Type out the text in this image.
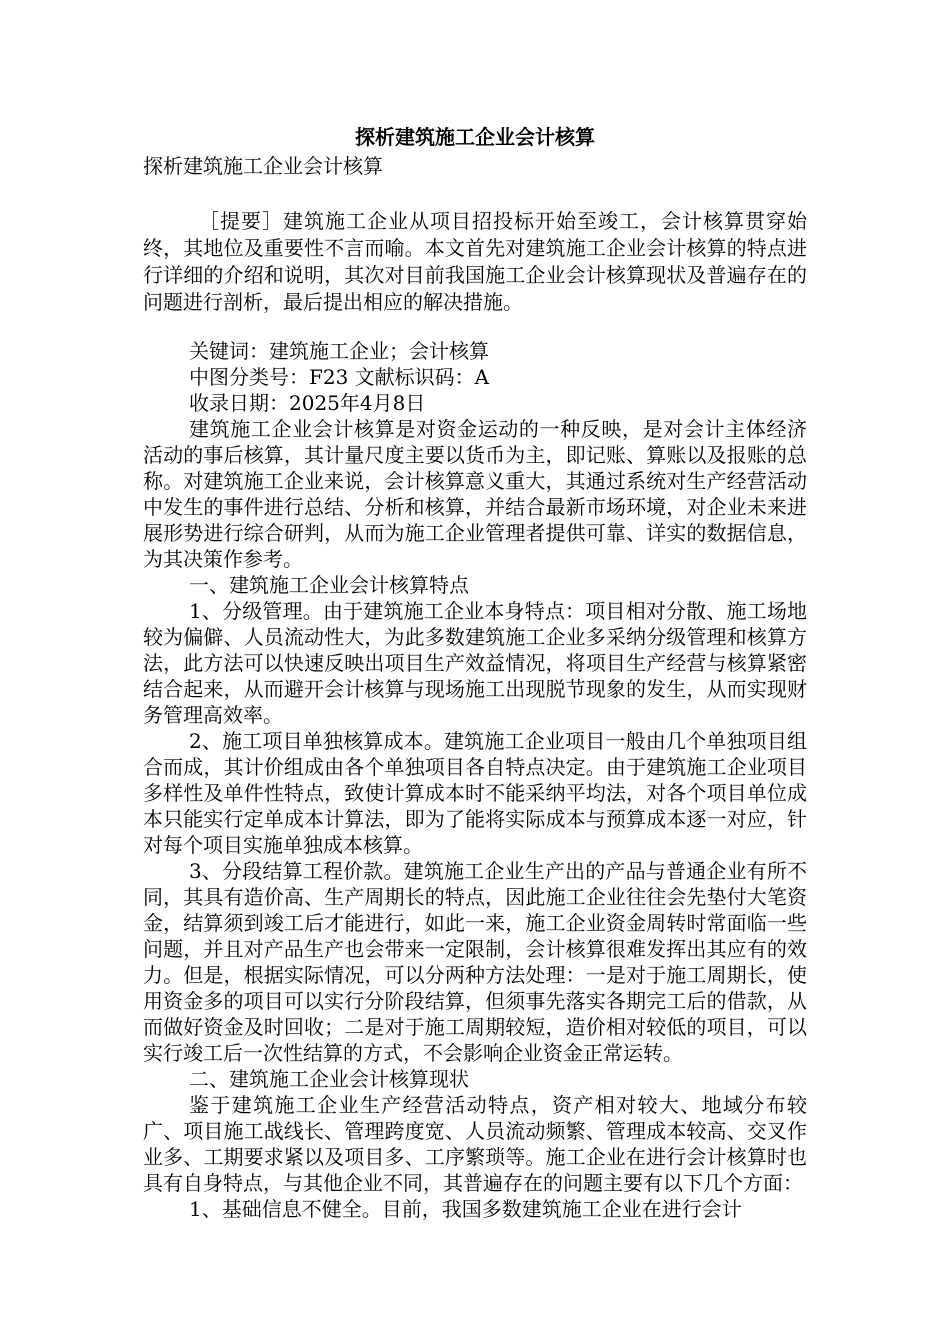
探析建筑施工企业会计核算
探析建筑施工企业会计核算

［提要］建筑施工企业从项目招投标开始至竣工，会计核算贯穿始终，其地位及重要性不言而喻。本文首先对建筑施工企业会计核算的特点进行详细的介绍和说明，其次对目前我国施工企业会计核算现状及普遍存在的问题进行剖析，最后提出相应的解决措施。

关键词：建筑施工企业；会计核算
中图分类号：F23 文献标识码：A
收录日期：2025年4月8日

建筑施工企业会计核算是对资金运动的一种反映，是对会计主体经济活动的事后核算，其计量尺度主要以货币为主，即记账、算账以及报账的总称。对建筑施工企业来说，会计核算意义重大，其通过系统对生产经营活动中发生的事件进行总结、分析和核算，并结合最新市场环境，对企业未来进展形势进行综合研判，从而为施工企业管理者提供可靠、详实的数据信息，为其决策作参考。

一、建筑施工企业会计核算特点

1、分级管理。由于建筑施工企业本身特点：项目相对分散、施工场地较为偏僻、人员流动性大，为此多数建筑施工企业多采纳分级管理和核算方法，此方法可以快速反映出项目生产效益情况，将项目生产经营与核算紧密结合起来，从而避开会计核算与现场施工出现脱节现象的发生，从而实现财务管理高效率。

2、施工项目单独核算成本。建筑施工企业项目一般由几个单独项目组合而成，其计价组成由各个单独项目各自特点决定。由于建筑施工企业项目多样性及单件性特点，致使计算成本时不能采纳平均法，对各个项目单位成本只能实行定单成本计算法，即为了能将实际成本与预算成本逐一对应，针对每个项目实施单独成本核算。

3、分段结算工程价款。建筑施工企业生产出的产品与普通企业有所不同，其具有造价高、生产周期长的特点，因此施工企业往往会先垫付大笔资金，结算须到竣工后才能进行，如此一来，施工企业资金周转时常面临一些问题，并且对产品生产也会带来一定限制，会计核算很难发挥出其应有的效力。但是，根据实际情况，可以分两种方法处理：一是对于施工周期长，使用资金多的项目可以实行分阶段结算，但须事先落实各期完工后的借款，从而做好资金及时回收；二是对于施工周期较短，造价相对较低的项目，可以实行竣工后一次性结算的方式，不会影响企业资金正常运转。

二、建筑施工企业会计核算现状

鉴于建筑施工企业生产经营活动特点，资产相对较大、地域分布较广、项目施工战线长、管理跨度宽、人员流动频繁、管理成本较高、交叉作业多、工期要求紧以及项目多、工序繁琐等。施工企业在进行会计核算时也具有自身特点，与其他企业不同，其普遍存在的问题主要有以下几个方面：

1、基础信息不健全。目前，我国多数建筑施工企业在进行会计
